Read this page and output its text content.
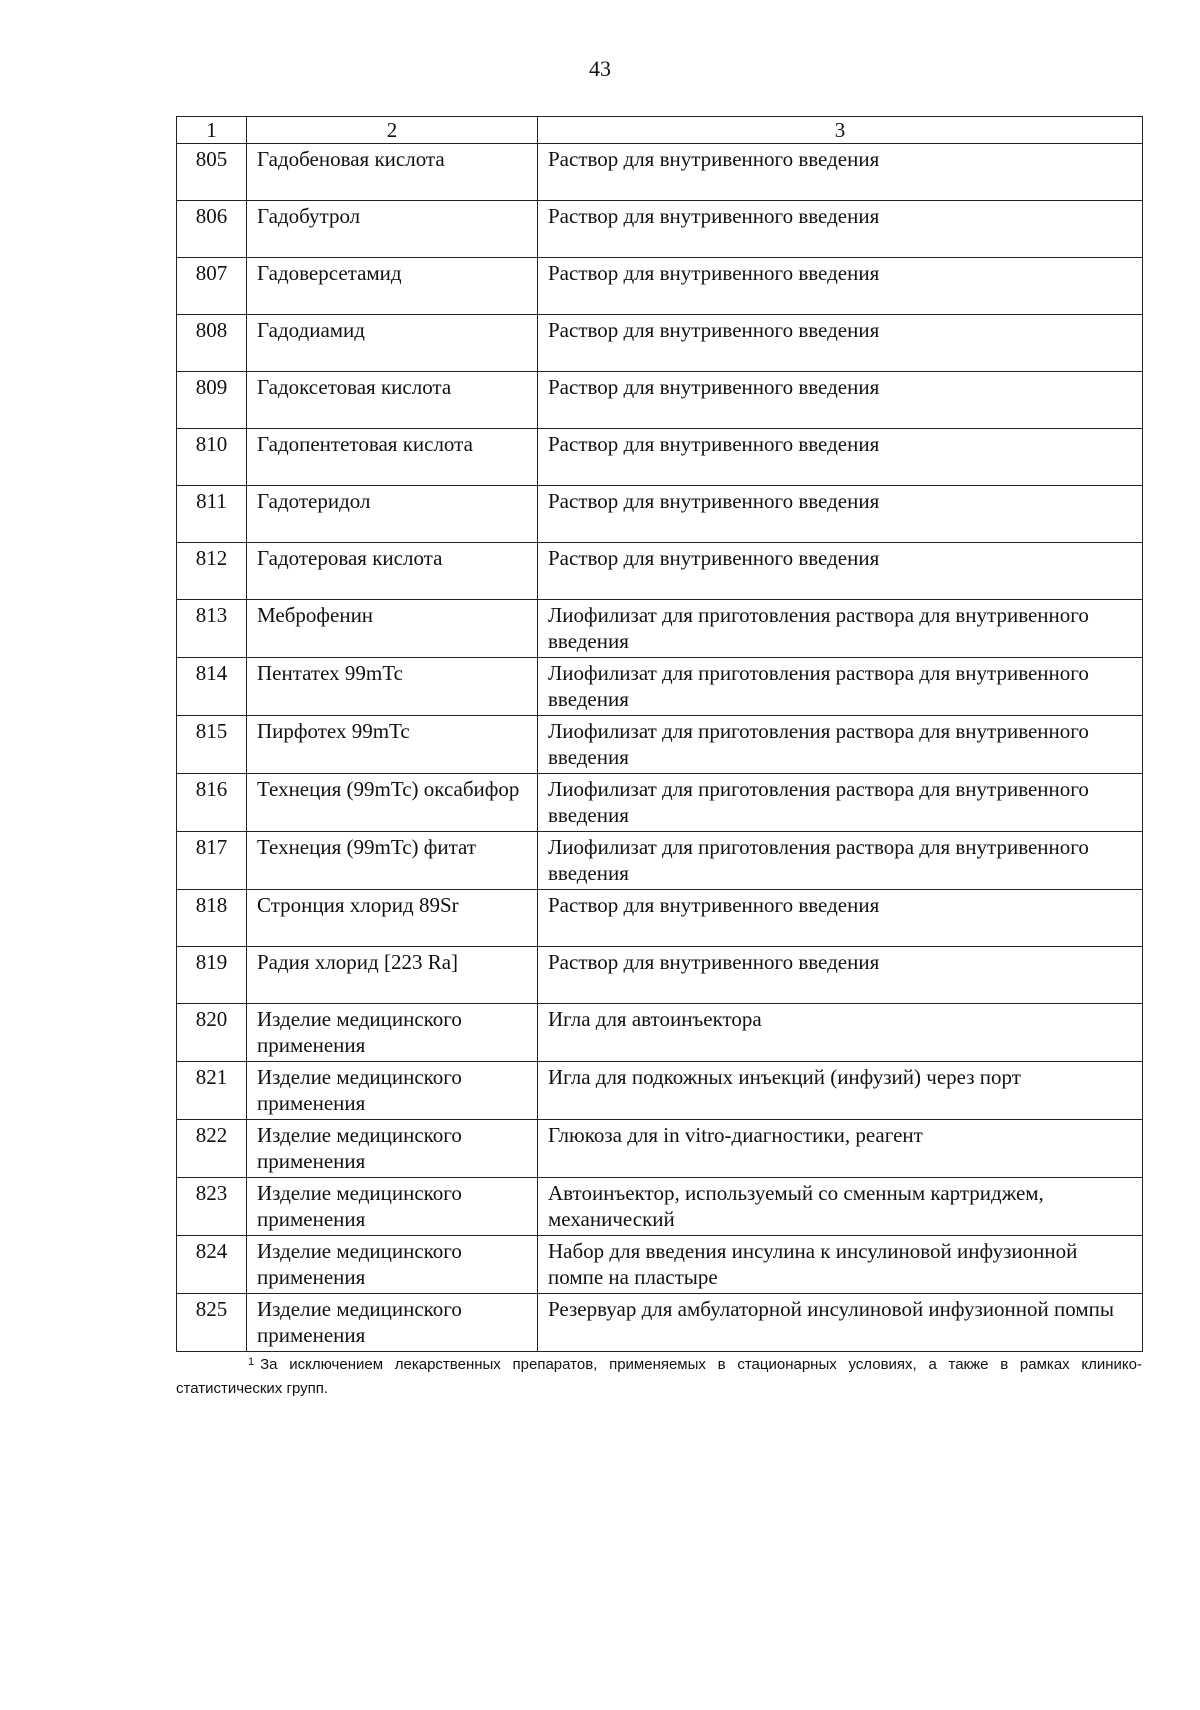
43
1	2	3
805	Гадобеновая кислота	Раствор для внутривенного введения
806	Гадобутрол	Раствор для внутривенного введения
807	Гадоверсетамид	Раствор для внутривенного введения
808	Гадодиамид	Раствор для внутривенного введения
809	Гадоксетовая кислота	Раствор для внутривенного введения
810	Гадопентетовая кислота	Раствор для внутривенного введения
811	Гадотеридол	Раствор для внутривенного введения
812	Гадотеровая кислота	Раствор для внутривенного введения
813	Меброфенин	Лиофилизат для приготовления раствора для внутривенного введения
814	Пентатех 99mTc	Лиофилизат для приготовления раствора для внутривенного введения
815	Пирфотех 99mTc	Лиофилизат для приготовления раствора для внутривенного введения
816	Технеция (99mTc) оксабифор	Лиофилизат для приготовления раствора для внутривенного введения
817	Технеция (99mTc) фитат	Лиофилизат для приготовления раствора для внутривенного введения
818	Стронция хлорид 89Sr	Раствор для внутривенного введения
819	Радия хлорид [223 Ra]	Раствор для внутривенного введения
820	Изделие медицинского применения	Игла для автоинъектора
821	Изделие медицинского применения	Игла для подкожных инъекций (инфузий) через порт
822	Изделие медицинского применения	Глюкоза для in vitro-диагностики, реагент
823	Изделие медицинского применения	Автоинъектор, используемый со сменным картриджем, механический
824	Изделие медицинского применения	Набор для введения инсулина к инсулиновой инфузионной помпе на пластыре
825	Изделие медицинского применения	Резервуар для амбулаторной инсулиновой инфузионной помпы
$^1$ За исключением лекарственных препаратов, применяемых в стационарных условиях, а также в рамках клинико-статистических групп.
